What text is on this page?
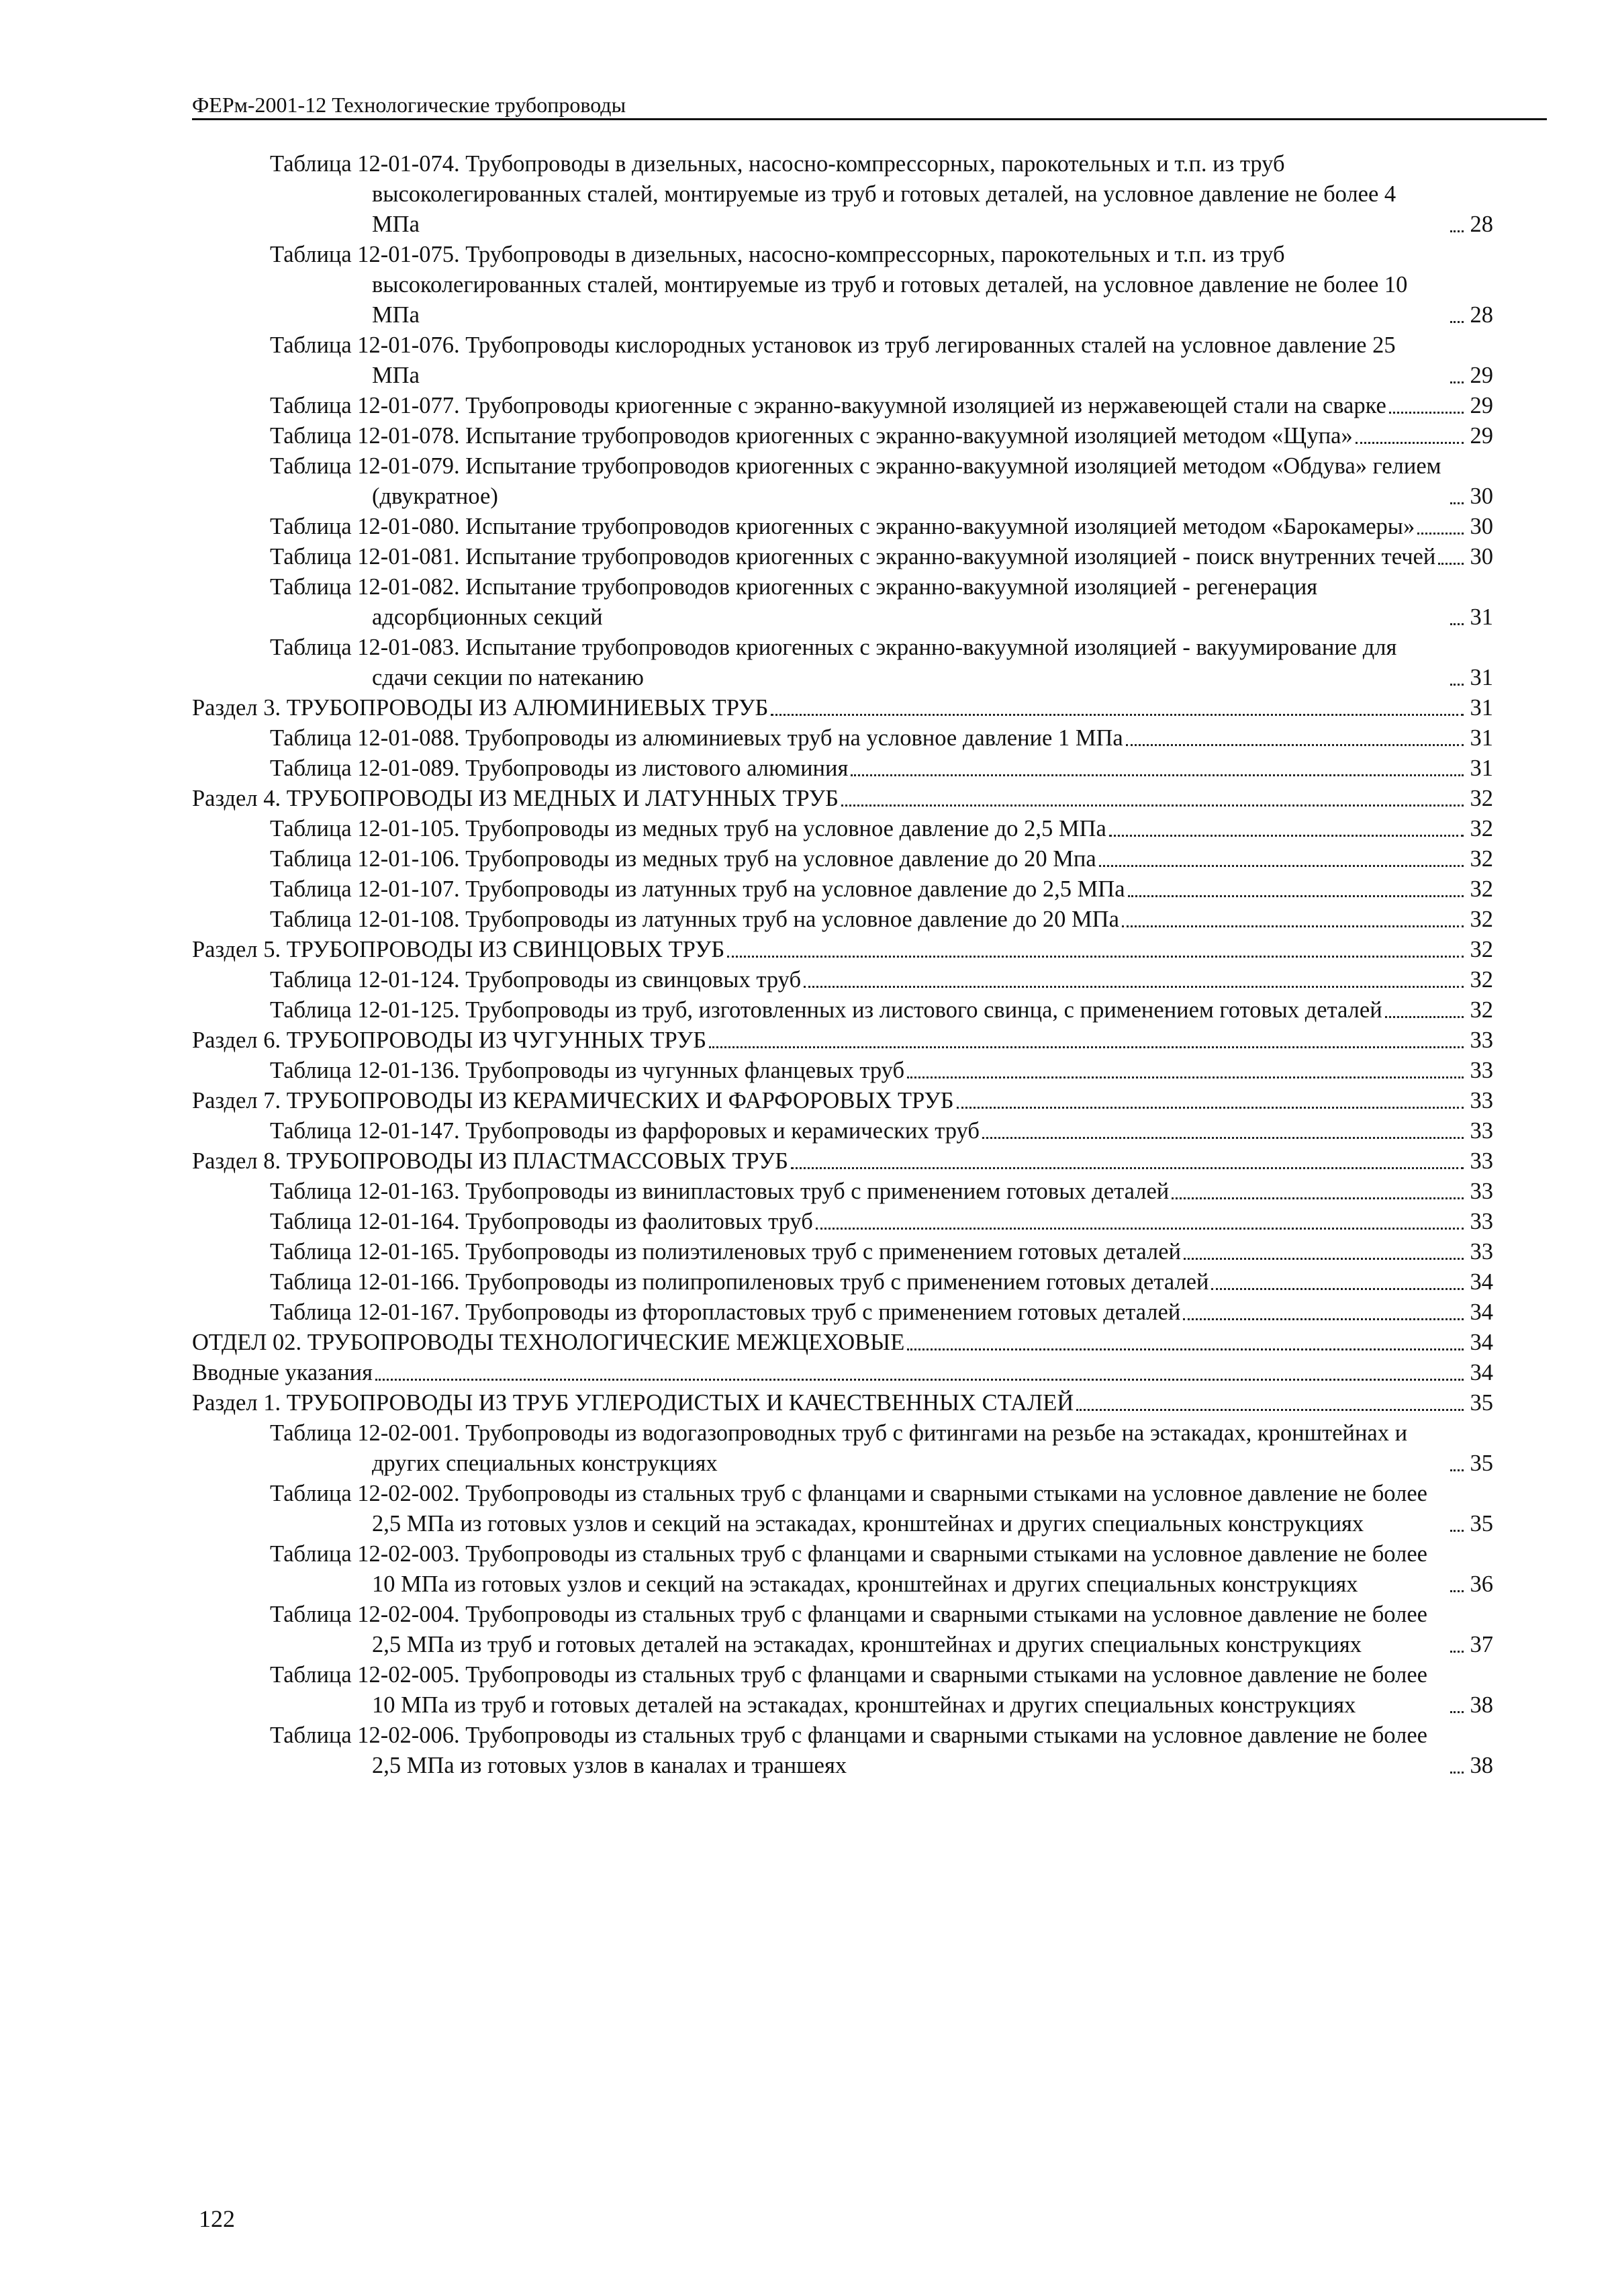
ФЕРм-2001-12 Технологические трубопроводы
Таблица 12-01-074. Трубопроводы в дизельных, насосно-компрессорных, парокотельных и т.п. из труб высоколегированных сталей, монтируемые из труб и готовых деталей, на условное давление не более 4 МПа	28
Таблица 12-01-075. Трубопроводы в дизельных, насосно-компрессорных, парокотельных и т.п. из труб высоколегированных сталей, монтируемые из труб и готовых деталей, на условное давление не более 10 МПа	28
Таблица 12-01-076. Трубопроводы кислородных установок из труб легированных сталей на условное давление 25 МПа	29
Таблица 12-01-077. Трубопроводы криогенные с экранно-вакуумной изоляцией из нержавеющей стали на сварке	29
Таблица 12-01-078. Испытание трубопроводов криогенных с экранно-вакуумной изоляцией методом «Щупа»	29
Таблица 12-01-079. Испытание трубопроводов криогенных с экранно-вакуумной изоляцией методом «Обдува» гелием (двукратное)	30
Таблица 12-01-080. Испытание трубопроводов криогенных с экранно-вакуумной изоляцией методом «Барокамеры» 30
Таблица 12-01-081. Испытание трубопроводов криогенных с экранно-вакуумной изоляцией - поиск внутренних течей 30
Таблица 12-01-082. Испытание трубопроводов криогенных с экранно-вакуумной изоляцией - регенерация адсорбционных секций	31
Таблица 12-01-083. Испытание трубопроводов криогенных с экранно-вакуумной изоляцией - вакуумирование для сдачи секции по натеканию	31
Раздел 3. ТРУБОПРОВОДЫ ИЗ АЛЮМИНИЕВЫХ ТРУБ	31
Таблица 12-01-088. Трубопроводы из алюминиевых труб на условное давление 1 МПа	31
Таблица 12-01-089. Трубопроводы из листового алюминия	31
Раздел 4. ТРУБОПРОВОДЫ ИЗ МЕДНЫХ И ЛАТУННЫХ ТРУБ	32
Таблица 12-01-105. Трубопроводы из медных труб на условное давление до 2,5 МПа	32
Таблица 12-01-106. Трубопроводы из медных труб на условное давление до 20 Мпа	32
Таблица 12-01-107. Трубопроводы из латунных труб на условное давление до 2,5 МПа	32
Таблица 12-01-108. Трубопроводы из латунных труб на условное давление до 20 МПа	32
Раздел 5. ТРУБОПРОВОДЫ ИЗ СВИНЦОВЫХ ТРУБ	32
Таблица 12-01-124. Трубопроводы из свинцовых труб	32
Таблица 12-01-125. Трубопроводы из труб, изготовленных из листового свинца, с применением готовых деталей	32
Раздел 6. ТРУБОПРОВОДЫ ИЗ ЧУГУННЫХ ТРУБ	33
Таблица 12-01-136. Трубопроводы из чугунных фланцевых труб	33
Раздел 7. ТРУБОПРОВОДЫ ИЗ КЕРАМИЧЕСКИХ И ФАРФОРОВЫХ ТРУБ	33
Таблица 12-01-147. Трубопроводы из фарфоровых и керамических труб	33
Раздел 8. ТРУБОПРОВОДЫ ИЗ ПЛАСТМАССОВЫХ ТРУБ	33
Таблица 12-01-163. Трубопроводы из винипластовых труб с применением готовых деталей	33
Таблица 12-01-164. Трубопроводы из фаолитовых труб	33
Таблица 12-01-165. Трубопроводы из полиэтиленовых труб с применением готовых деталей	33
Таблица 12-01-166. Трубопроводы из полипропиленовых труб с применением готовых деталей	34
Таблица 12-01-167. Трубопроводы из фторопластовых труб с применением готовых деталей	34
ОТДЕЛ 02. ТРУБОПРОВОДЫ ТЕХНОЛОГИЧЕСКИЕ МЕЖЦЕХОВЫЕ	34
Вводные указания	34
Раздел 1. ТРУБОПРОВОДЫ ИЗ ТРУБ УГЛЕРОДИСТЫХ И КАЧЕСТВЕННЫХ СТАЛЕЙ	35
Таблица 12-02-001. Трубопроводы из водогазопроводных труб с фитингами на резьбе на эстакадах, кронштейнах и других специальных конструкциях	35
Таблица 12-02-002. Трубопроводы из стальных труб с фланцами и сварными стыками на условное давление не более 2,5 МПа из готовых узлов и секций на эстакадах, кронштейнах и других специальных конструкциях	35
Таблица 12-02-003. Трубопроводы из стальных труб с фланцами и сварными стыками на условное давление не более 10 МПа из готовых узлов и секций на эстакадах, кронштейнах и других специальных конструкциях	36
Таблица 12-02-004. Трубопроводы из стальных труб с фланцами и сварными стыками на условное давление не более 2,5 МПа из труб и готовых деталей на эстакадах, кронштейнах и других специальных конструкциях	37
Таблица 12-02-005. Трубопроводы из стальных труб с фланцами и сварными стыками на условное давление не более 10 МПа из труб и готовых деталей на эстакадах, кронштейнах и других специальных конструкциях	38
Таблица 12-02-006. Трубопроводы из стальных труб с фланцами и сварными стыками на условное давление не более 2,5 МПа из готовых узлов в каналах и траншеях	38
122
